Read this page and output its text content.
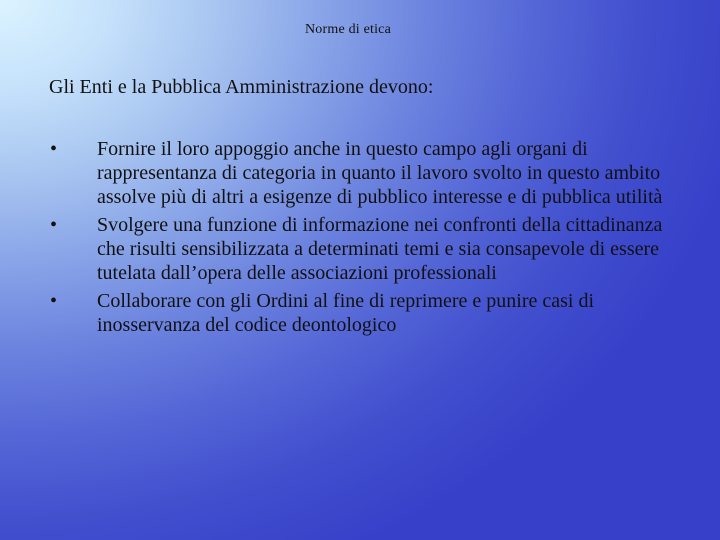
Norme di etica
Gli Enti e la Pubblica Amministrazione devono:
•	Fornire il loro appoggio anche in questo campo agli organi di rappresentanza di categoria in quanto il lavoro svolto in questo ambito assolve più di altri a esigenze di pubblico interesse e di pubblica utilità
•	Svolgere una funzione di informazione nei confronti della cittadinanza che risulti sensibilizzata a determinati temi e sia consapevole di essere tutelata dall’opera delle associazioni professionali
•	Collaborare con gli Ordini al fine di reprimere e punire casi di inosservanza del codice deontologico
